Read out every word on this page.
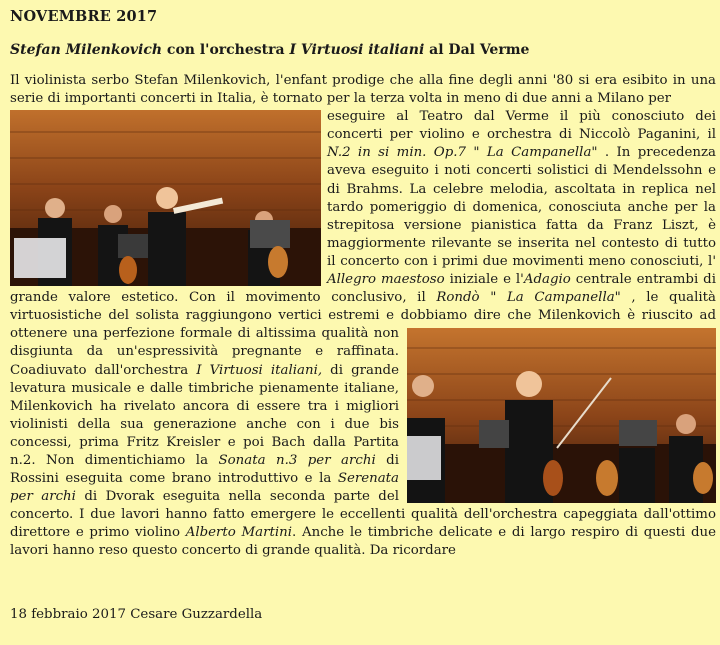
NOVEMBRE 2017
Stefan Milenkovich con l'orchestra I Virtuosi italiani al Dal Verme

Il violinista serbo Stefan Milenkovich, l'enfant prodige che alla fine degli anni '80 si era esibito in una serie di importanti concerti in Italia, è tornato per la terza volta in meno di due anni a Milano per

eseguire al Teatro dal Verme il più conosciuto dei concerti per violino e orchestra di Niccolò Paganini, il N.2 in si min. Op.7 " La Campanella" . In precedenza aveva eseguito i noti concerti solistici di Mendelssohn e di Brahms. La celebre melodia, ascoltata in replica nel tardo pomeriggio di domenica, conosciuta anche per la strepitosa versione pianistica fatta da Franz Liszt, è maggiormente rilevante se inserita nel contesto di tutto il concerto con i primi due movimenti meno conosciuti, l' Allegro maestoso iniziale e l'Adagio centrale entrambi di grande valore estetico. Con il movimento conclusivo, il Rondò " La Campanella" , le qualità virtuosistiche del solista raggiungono vertici estremi e dobbiamo dire che Milenkovich è riuscito ad ottenere
una perfezione formale di altissima qualità non disgiunta da un'espressività pregnante e raffinata. Coadiuvato dall'orchestra I Virtuosi italiani, di grande levatura musicale e dalle timbriche pienamente italiane, Milenkovich ha rivelato ancora di essere tra i migliori violinisti della sua generazione anche con i due bis concessi, prima Fritz Kreisler e poi Bach dalla Partita n.2. Non dimentichiamo la Sonata n.3 per archi di Rossini eseguita come brano introduttivo e la Serenata per archi di Dvorak eseguita nella seconda parte del concerto. I due lavori hanno fatto emergere le eccellenti qualità dell'orchestra capeggiata dall'ottimo direttore e primo violino Alberto Martini. Anche le timbriche delicate e di largo respiro di questi due lavori hanno reso questo concerto di grande qualità. Da ricordare

18 febbraio 2017 Cesare Guzzardella
